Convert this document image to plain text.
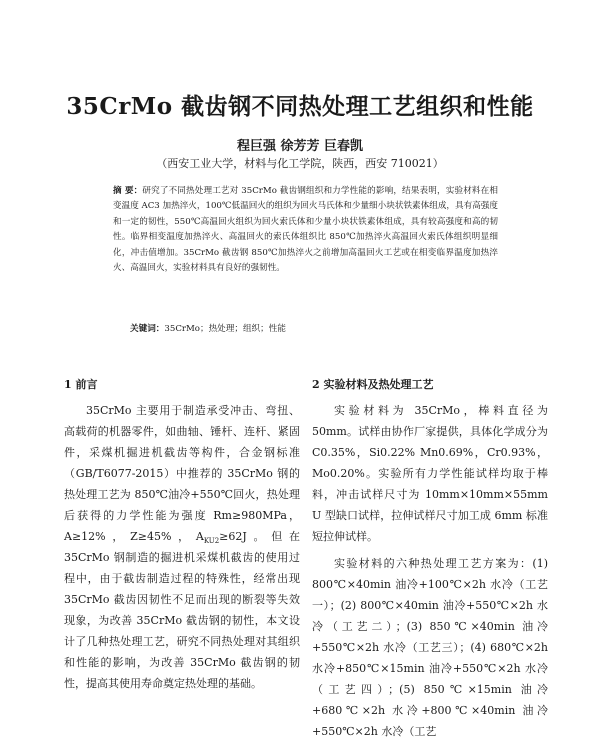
35CrMo 截齿钢不同热处理工艺组织和性能
程巨强 徐芳芳 巨春凯
（西安工业大学，材料与化工学院，陕西，西安 710021）
摘 要：研究了不同热处理工艺对 35CrMo 截齿钢组织和力学性能的影响，结果表明，实验材料在相变温度 AC3 加热淬火，100℃低温回火的组织为回火马氏体和少量细小块状铁素体组成，具有高强度和一定的韧性，550℃高温回火组织为回火索氏体和少量小块状铁素体组成，具有较高强度和高的韧性。临界相变温度加热淬火、高温回火的索氏体组织比 850℃加热淬火高温回火索氏体组织明显细化，冲击值增加。35CrMo 截齿钢 850℃加热淬火之前增加高温回火工艺或在相变临界温度加热淬火、高温回火，实验材料具有良好的强韧性。
关键词：35CrMo；热处理；组织；性能
1 前言	2 实验材料及热处理工艺

35CrMo 主要用于制造承受冲击、弯扭、高载荷的机器零件，如曲轴、锤杆、连杆、紧固件，采煤机掘进机截齿等构件，合金钢标准（GB/T6077-2015）中推荐的 35CrMo 钢的热处理工艺为 850℃油冷+550℃回火，热处理后获得的力学性能为强度 Rm≥980MPa，A≥12%，Z≥45%，$A_{KU2}\ge 62J$。但在 35CrMo 钢制造的掘进机采煤机截齿的使用过程中，由于截齿制造过程的特殊性，经常出现 35CrMo 截齿因韧性不足而出现的断裂等失效现象，为改善 35CrMo 截齿钢的韧性，本文设计了几种热处理工艺，研究不同热处理对其组织和性能的影响，为改善 35CrMo 截齿钢的韧性，提高其使用寿命奠定热处理的基础。

实验材料为 35CrMo，棒料直径为 50mm。试样由协作厂家提供，具体化学成分为 C0.35%，Si0.22% Mn0.69%，Cr0.93%，Mo0.20%。实验所有力学性能试样均取于棒料，冲击试样尺寸为 10mm×10mm×55mm U 型缺口试样，拉伸试样尺寸加工成 6mm 标准短拉伸试样。

实验材料的六种热处理工艺方案为：(1) 800℃×40min 油冷+100℃×2h 水冷（工艺一）；(2) 800℃×40min 油冷+550℃×2h 水冷（工艺二）；(3) 850℃×40min 油冷+550℃×2h 水冷（工艺三）；(4) 680℃×2h 水冷+850℃×15min 油冷+550℃×2h 水冷（工艺四）；(5) 850℃×15min 油冷+680℃×2h 水冷+800℃×40min 油冷+550℃×2h 水冷（工艺
